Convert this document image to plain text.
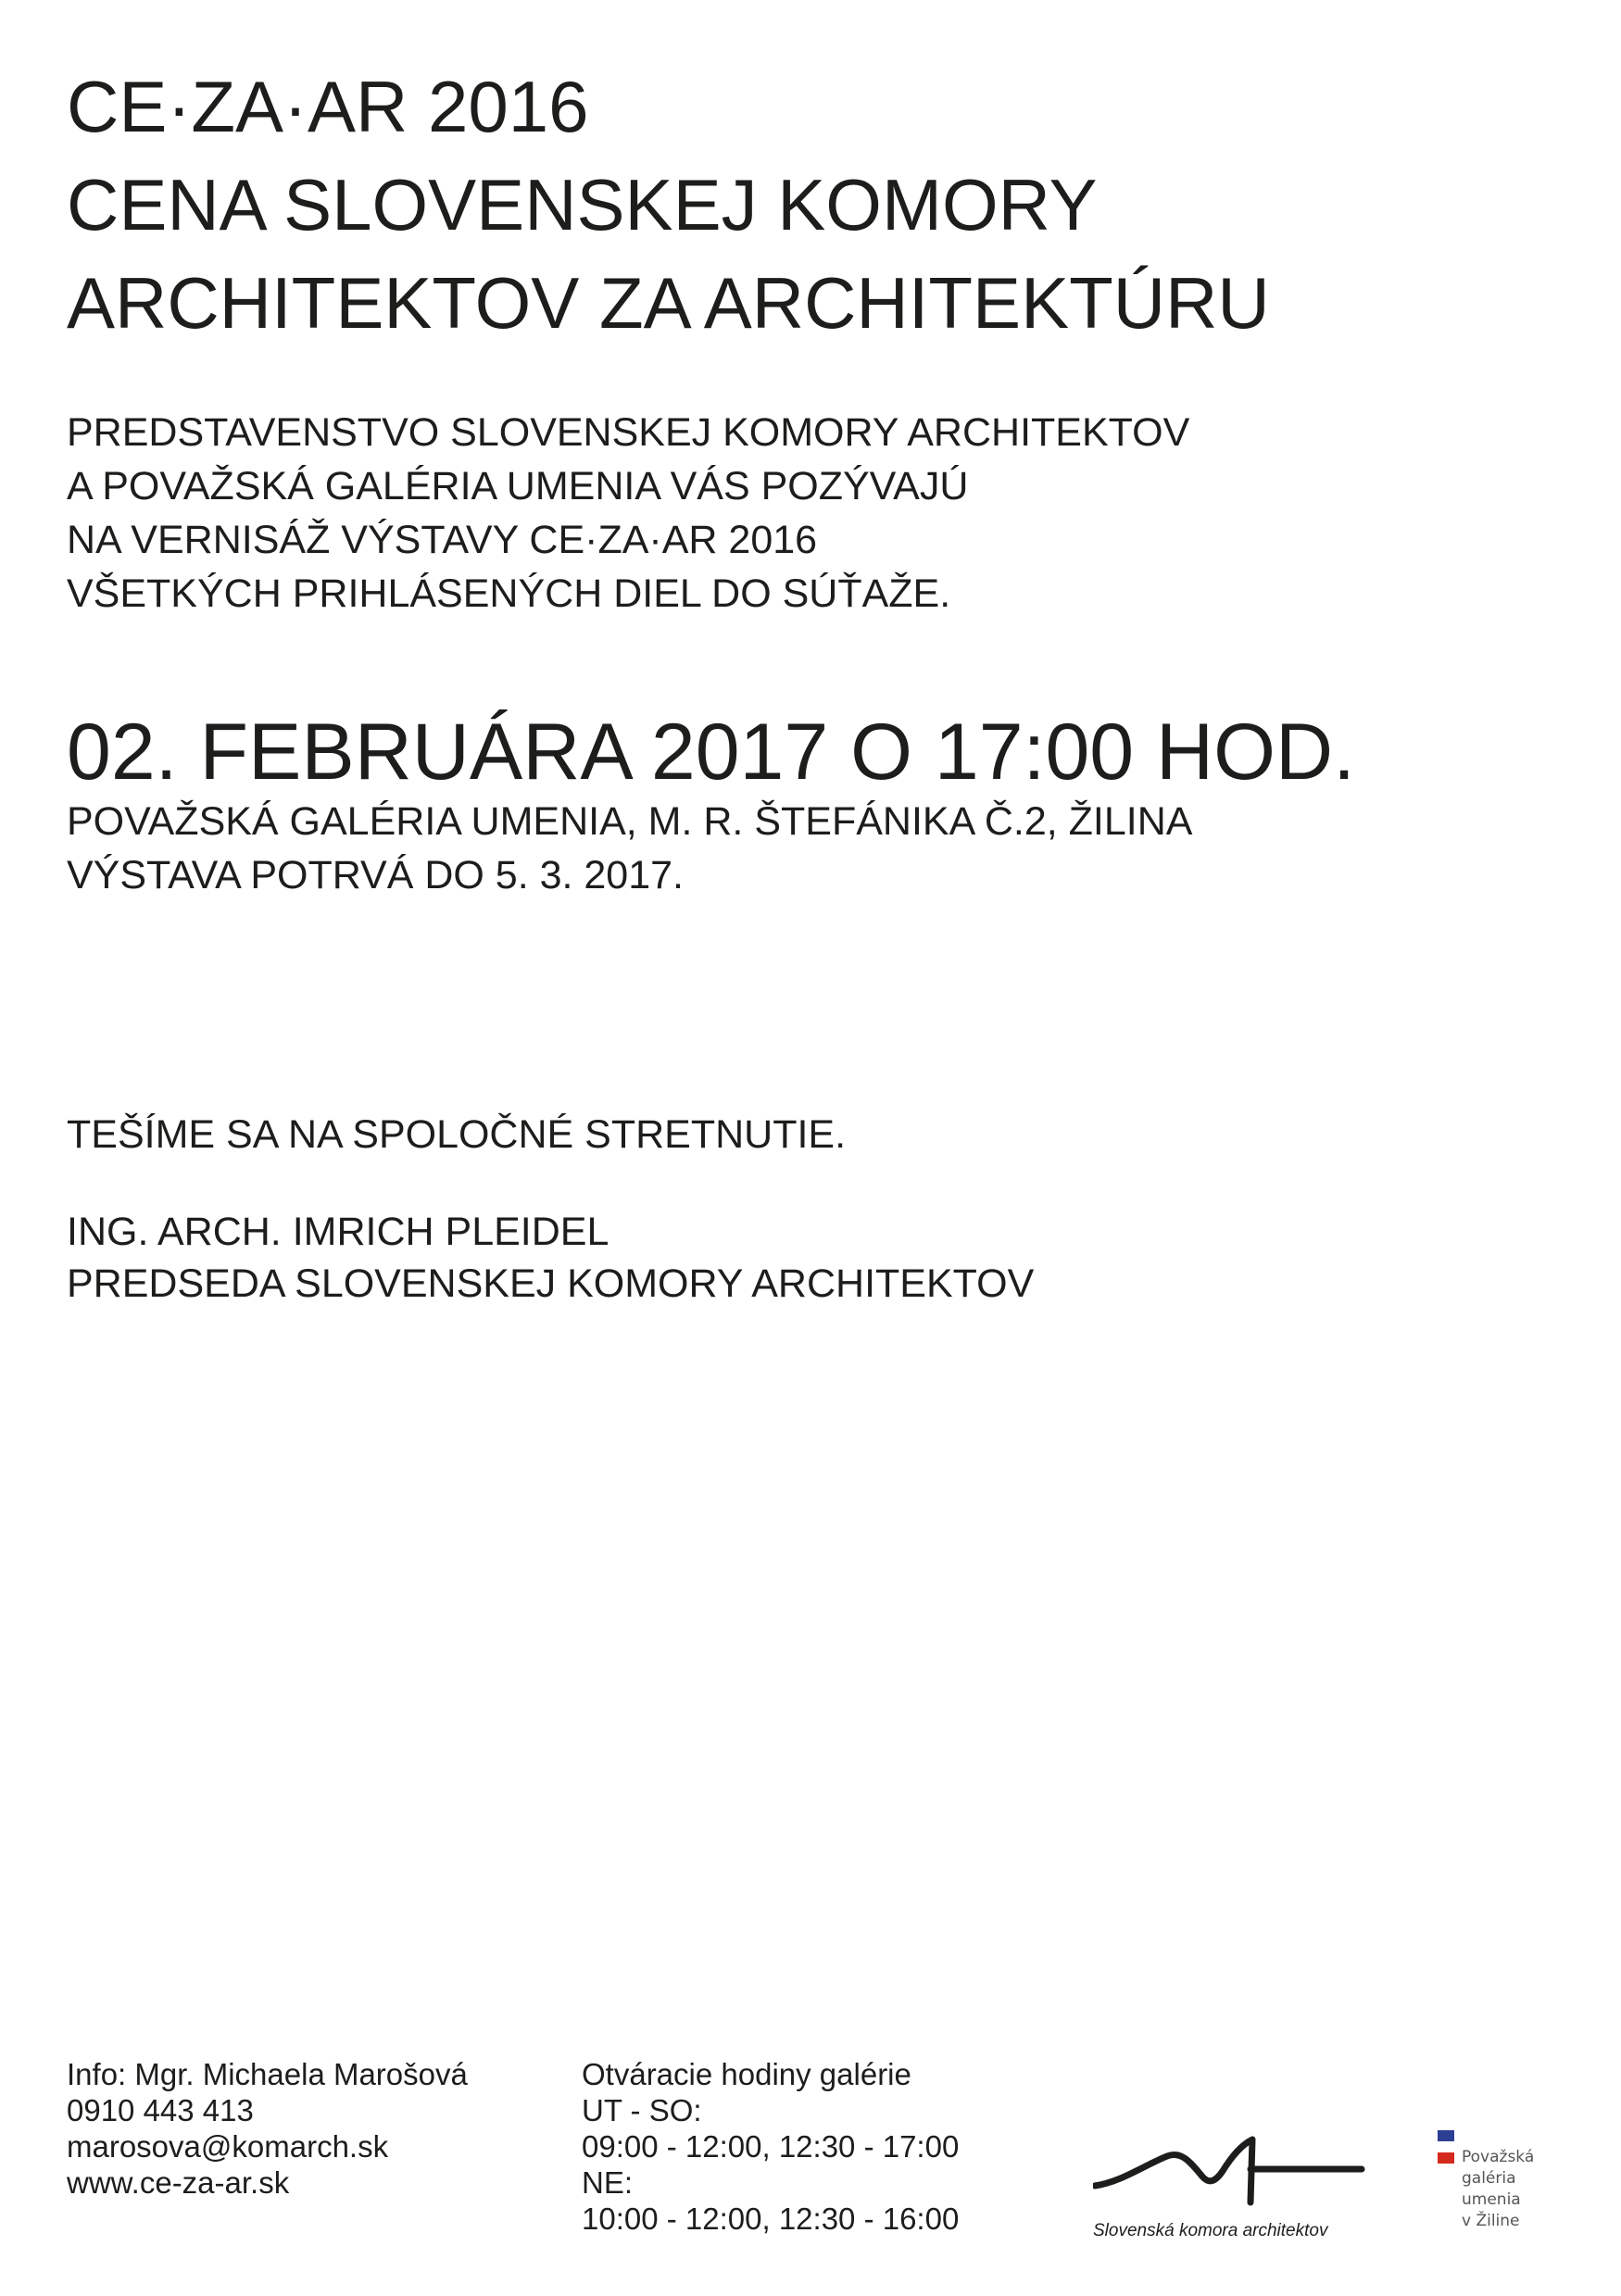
CE·ZA·AR 2016
CENA SLOVENSKEJ KOMORY
ARCHITEKTOV ZA ARCHITEKTÚRU
PREDSTAVENSTVO SLOVENSKEJ KOMORY ARCHITEKTOV
A POVAŽSKÁ GALÉRIA UMENIA VÁS POZÝVAJÚ
NA VERNISÁŽ VÝSTAVY CE·ZA·AR 2016
VŠETKÝCH PRIHLÁSENÝCH DIEL DO SÚŤAŽE.
02. FEBRUÁRA 2017 O 17:00 HOD.
POVAŽSKÁ GALÉRIA UMENIA, M. R. ŠTEFÁNIKA Č.2, ŽILINA
VÝSTAVA POTRVÁ DO 5. 3. 2017.
TEŠÍME SA NA SPOLOČNÉ STRETNUTIE.
ING. ARCH. IMRICH PLEIDEL
PREDSEDA SLOVENSKEJ KOMORY ARCHITEKTOV
Info: Mgr. Michaela Marošová
0910 443 413
marosova@komarch.sk
www.ce-za-ar.sk
Otváracie hodiny galérie
UT - SO:
09:00 - 12:00, 12:30 - 17:00
NE:
10:00 - 12:00, 12:30 - 16:00	Slovenská komora architektov
Považská
galéria
umenia
v Žiline
